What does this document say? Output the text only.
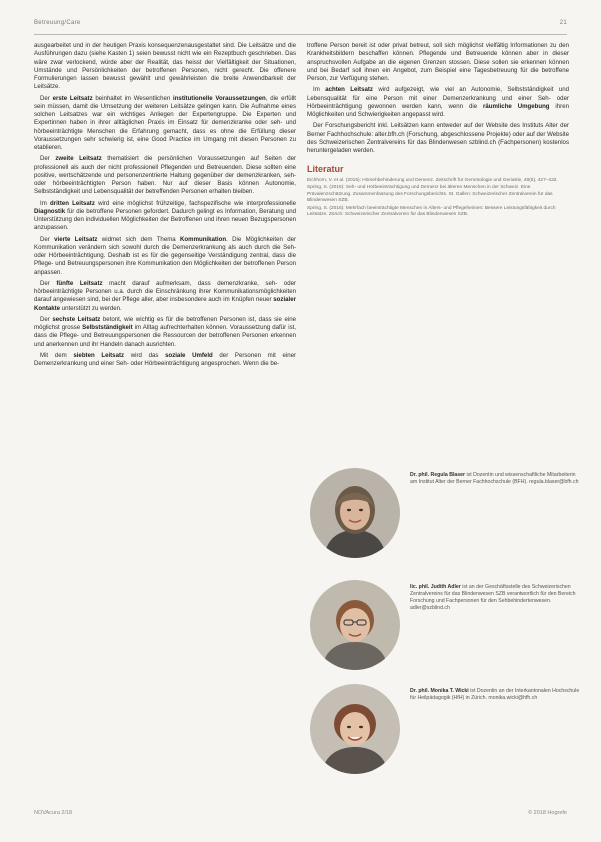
Betreuung/Care	21

ausgearbeitet und in der heutigen Praxis konsequenzenausgestaltet sind. Die Leitsätze und die Ausführungen dazu (siehe Kasten 1) seien bewusst nicht wie ein Rezeptbuch geschrieben. Das wäre zwar verlockend, würde aber der Realität, das heisst der Vielfältigkeit der Situationen, Umstände und Persönlichkeiten der betroffenen Personen, nicht gerecht. Die offenere Formulierungen lassen bewusst gewählt und gewährleisten die breite Anwendbarkeit der Leitsätze.

Der erste Leitsatz beinhaltet im Wesentlichen institutionelle Voraussetzungen, die erfüllt sein müssen, damit die Umsetzung der weiteren Leitsätze gelingen kann. Die Aufnahme eines solchen Leitsatzes war ein wichtiges Anliegen der Expertengruppe. Die Experten und Expertinnen haben in ihrer alltäglichen Praxis im Einsatz für demenzkranke oder seh- und hörbeeinträchtigte Menschen die Erfahrung gemacht, dass es ohne die Erfüllung dieser Voraussetzungen sehr schwierig ist, eine Good Practice im Umgang mit diesen Personen zu etablieren.

Der zweite Leitsatz thematisiert die persönlichen Voraussetzungen auf Seiten der professionell als auch der nicht professionell Pflegenden und Betreuenden. Diese sollten eine positive, wertschätzende und personenzentrierte Haltung gegenüber der demenzkranken, seh- oder hörbeeinträchtigten Person haben. Nur auf dieser Basis können Autonomie, Selbstständigkeit und Lebensqualität der betreffenden Personen erhalten bleiben.

Im dritten Leitsatz wird eine möglichst frühzeitige, fachspezifische wie interprofessionelle Diagnostik für die betroffene Personen gefordert. Dadurch gelingt es Information, Beratung und Unterstützung den individuellen Möglichkeiten der Betroffenen und ihren neuen Bezugspersonen anzupassen.

Der vierte Leitsatz widmet sich dem Thema Kommunikation. Die Möglichkeiten der Kommunikation verändern sich sowohl durch die Demenzerkrankung als auch durch die Seh- oder Hörbeeinträchtigung. Deshalb ist es für die gegenseitige Verständigung zentral, dass die Pflege- und Betreuungspersonen ihre Kommunikation den Möglichkeiten der betroffenen Person anpassen.

Der fünfte Leitsatz macht darauf aufmerksam, dass demenzkranke, seh- oder hörbeeinträchtigte Personen u.a. durch die Einschränkung ihrer Kommunikationsmöglichkeiten darauf angewiesen sind, bei der Pflege aller, aber insbesondere auch im Knüpfen neuer sozialer Kontakte unterstützt zu werden.

Der sechste Leitsatz betont, wie wichtig es für die betroffenen Personen ist, dass sie eine möglichst grosse Selbstständigkeit im Alltag aufrechterhalten können. Voraussetzung dafür ist, dass die Pflege- und Betreuungspersonen die Ressourcen der betroffenen Personen erkennen und anerkennen und ihr Handeln danach ausrichten.

Mit dem siebten Leitsatz wird das soziale Umfeld der Personen mit einer Demenzerkrankung und einer Seh- oder Hörbeeinträchtigung angesprochen. Wenn die be-

troffene Person bereit ist oder privat betreut, soll sich möglichst vielfältig Informationen zu den Krankheitsbildern beschaffen können. Pflegende und Betreuende können aber in dieser anspruchsvollen Aufgabe an die eigenen Grenzen stossen. Diese sollen sie erkennen können und bei Bedarf soll ihnen ein Angebot, zum Beispiel eine Tagesbetreuung für die betroffene Person, zur Verfügung stehen.

Im achten Leitsatz wird aufgezeigt, wie viel an Autonomie, Selbstständigkeit und Lebensqualität für eine Person mit einer Demenzerkrankung und einer Seh- oder Hörbeeinträchtigung gewonnen werden kann, wenn die räumliche Umgebung ihren Möglichkeiten und Schwierigkeiten angepasst wird.

Der Forschungsbericht inkl. Leitsätzen kann entweder auf der Website des Instituts Alter der Berner Fachhochschule: alter.bfh.ch (Forschung, abgeschlossene Projekte) oder auf der Website des Schweizerischen Zentralvereins für das Blindenwesen szblind.ch (Fachpersonen) kostenlos heruntergeladen werden.

Literatur
Eichhorn, V. et al. (2015): Hörsehbehinderung und Demenz. Zeitschrift für Gerontologie und Geriatrie, 48(5), 427–432.
Spring, S. (2015): Seh- und Hörbeeinträchtigung und Demenz bei älteren Menschen in der Schweiz. Eine Prävalenzschätzung. Zusammenfassung des Forschungsberichts. St. Gallen: Schweizerischer Zentralverein für das Blindenwesen SZB.
Spring, S. (2016): Mehrfach beeinträchtigte Menschen in Alters- und Pflegeheimen: Bessere Leistungsfähigkeit durch Leitsätze. Zürich: Schweizerischer Zentralverein für das Blindenwesen SZB.
Dr. phil. Regula Blaser ist Dozentin und wissenschaftliche Mitarbeiterin am Institut Alter der Berner Fachhochschule (BFH). regula.blaser@bfh.ch
lic. phil. Judith Adler ist an der Geschäftsstelle des Schweizerischen Zentralvereins für das Blindenwesen SZB verantwortlich für den Bereich Forschung und Fachpersonen für den Sehbehindertenwesen. adler@szblind.ch
Dr. phil. Monika T. Wicki ist Dozentin an der Interkantonalen Hochschule für Heilpädagogik (HfH) in Zürich. monika.wicki@hfh.ch
NOVAcura 2/18	© 2018 Hogrefe
